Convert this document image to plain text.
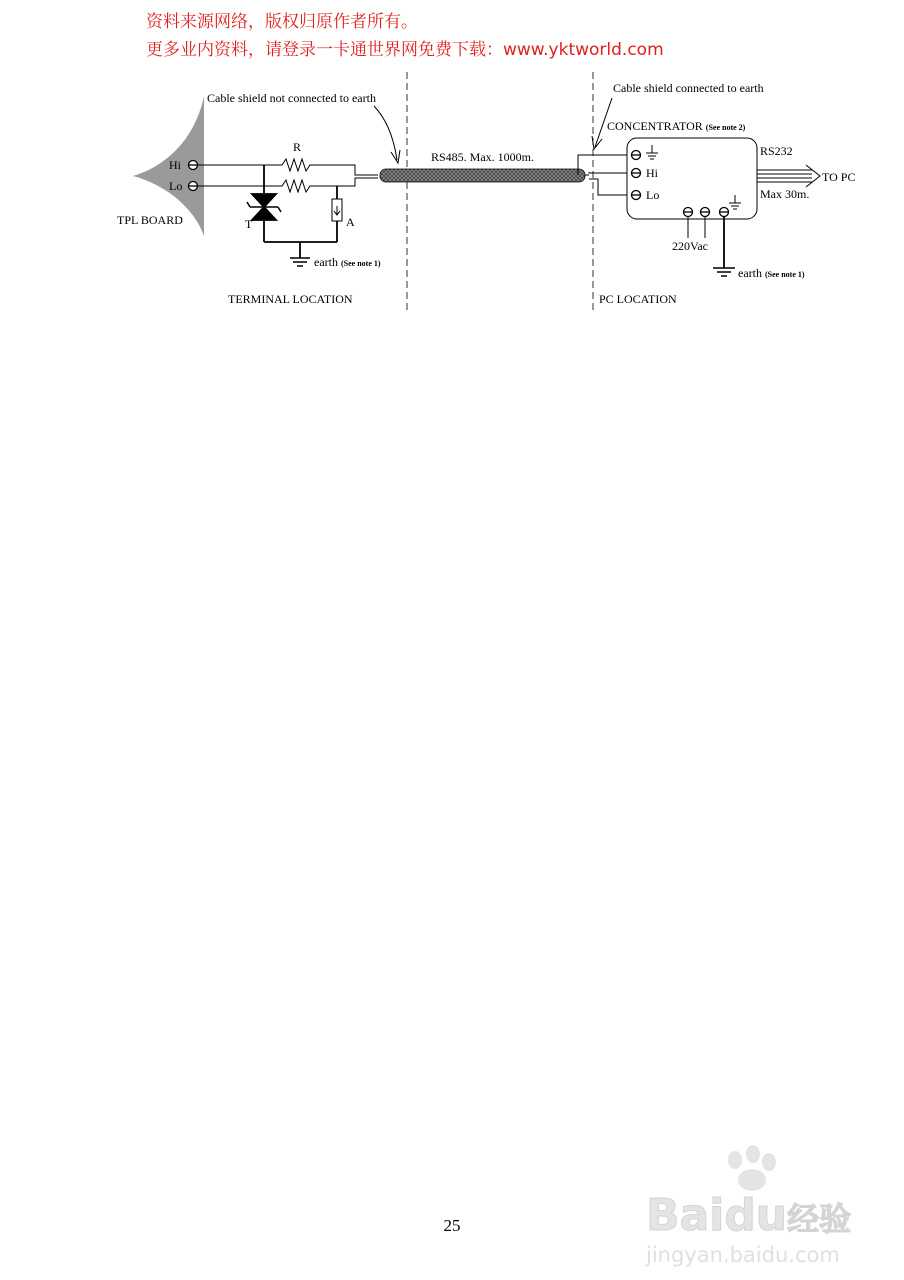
资料来源网络，版权归原作者所有。
更多业内资料，请登录一卡通世界网免费下载：www.yktworld.com
Hi
Lo
TPL BOARD
R
T	A
earth (See note 1)
TERMINAL LOCATION
RS485. Max. 1000m.
Cable shield not connected to earth
Cable shield connected to earth
CONCENTRATOR (See note 2)
Hi
Lo
220Vac
earth (See note 1)
RS232
TO PC
Max 30m.
PC LOCATION
25	Baidu经验
jingyan.baidu.com
